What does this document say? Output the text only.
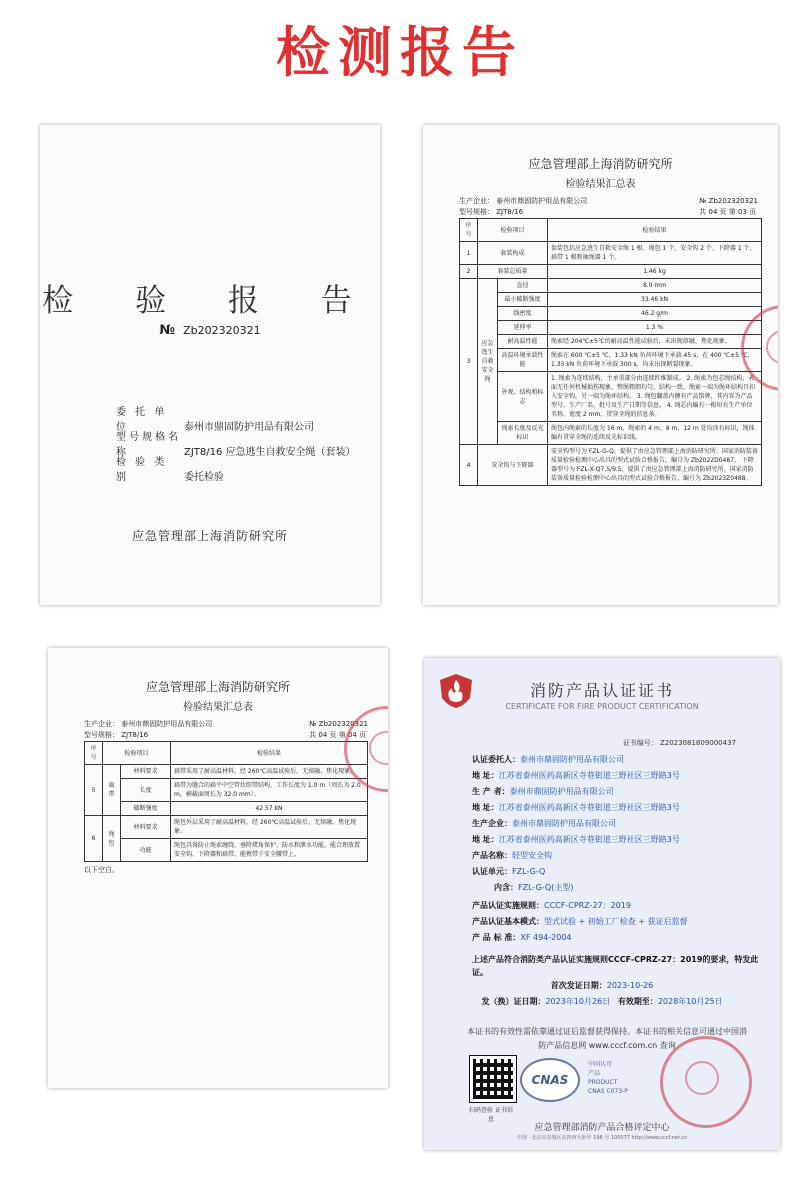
检测报告
检 验 报 告
№ Zb202320321
委 托 单 位	泰州市鼎固防护用品有限公司
型号规格名称	ZJT8/16 应急逃生自救安全绳（套装）
检 验 类 别	委托检验
应急管理部上海消防研究所
应急管理部上海消防研究所
检验结果汇总表
生产企业： 泰州市鼎固防护用品有限公司
型号规格： ZJT8/16
№ Zb202320321
共 04 页 第 03 页
序号	检验项目		检验结果
1	套装构成		套装包括应急逃生自救安全绳 1 根、绳包 1 个、安全钩 2 个、下降器 1 个、扁带 1 根和抽绳器 1 个。
2	套装总质量		1.46 kg
3	应急逃生自救安全绳	直径	8.0 mm
		最小破断强度	33.46 kN
		线密度	46.2 g/m
		延伸率	1.3 %
		耐高温性能	绳索经 204℃±5℃的耐高温性能试验后，未出现熔融、焦化现象。
		高温环境承载性能	绳索在 600 ℃±5 ℃，1.33 kN 负荷环境下承载 45 s，在 400 ℃±5 ℃，1.33 kN 负荷环境下承载 300 s，均未出现断裂现象。
		外观、结构和标志	1. 绳索为连续结构，主承重部分由连续纤维制成。 2. 绳索为包芯绳结构，表面无任何机械损伤现象，整绳粗细均匀，结构一致，绳索一端为绳环结构且扣入安全钩，另一端为绳环结构。 3. 绳包翻盖内侧有产品铭牌，其内容为产品型号、生产厂名、批号及生产日期等信息。 4. 绳芯内编有一根印有生产单位名称、宽度 2 mm、贯穿全绳的信息条。
		绳索长度及反光标识	绳包内绳索的长度为 16 m，绳索的 4 m、8 m、12 m 处均涂有标识，绳体编有贯穿全绳的连续反光标识线。
4	安全钩与下降器		安全钩型号为 FZL-G-Q，提供了由应急管理部上海消防研究所、国家消防装备质量检验检测中心出具的型式试验合格报告，编号为 Zb2022D0487。 下降器型号为 FZL-X-Q7.5/9.5，提供了由应急管理部上海消防研究所、国家消防装备质量检验检测中心出具的型式试验合格报告，编号为 Zb2023Z0488。
应急管理部上海消防研究所
检验结果汇总表
生产企业： 泰州市鼎固防护用品有限公司
型号规格： ZJT8/16
№ Zb202320321
共 04 页 第 04 页
序号	检验项目		检验结果
5	扁带	材料要求	扁带采用了耐高温材料，经 260℃高温试验后，无熔融、焦化现象。
		长度	扁带为缝合的扁平中空管状织带结构，工作长度为 1.0 m（周长为 2.0 m，横截面周长为 32.0 mm）。
		破断强度	42.57 kN
6	绳包	材料要求	绳包外层采用了耐高温材料，经 260℃高温试验后，无熔融、焦化现象。
		功能	绳包具备防止绳索缠绕、垂降堵角保护、防水和泄水功能，能合理放置安全钩、下降器和扁带，能携带于安全腰带上。
以下空白。
消防产品认证证书
CERTIFICATE FOR FIRE PRODUCT CERTIFICATION
证书编号： Z2023081809000437
认证委托人：泰州市鼎固防护用品有限公司
地 址：江苏省泰州医药高新区寺巷街道三野社区三野路3号
生 产 者：泰州市鼎固防护用品有限公司
地 址：江苏省泰州医药高新区寺巷街道三野社区三野路3号
生产企业：泰州市鼎固防护用品有限公司
地 址：江苏省泰州医药高新区寺巷街道三野社区三野路3号
产品名称：轻型安全钩
认证单元：FZL-G-Q
内含：FZL-G-Q(主型)
产品认证实施规则：CCCF-CPRZ-27：2019
产品认证基本模式：型式试验 + 初始工厂检查 + 获证后监督
产 品 标 准：XF 494-2004
上述产品符合消防类产品认证实施规则CCCF-CPRZ-27：2019的要求，特发此证。
首次发证日期：2023-10-26
发（换）证日期：2023年10月26日 有效期至：2028年10月25日
本证书的有效性需依靠通过证后监督获得保持。本证书的相关信息可通过中国消防产品信息网 www.cccf.com.cn 查询
扫码查验 证书信息
CNAS
中国认可
产品
PRODUCT
CNAS C073-P
应急管理部消防产品合格评定中心
中国 · 北京市东城区东四西大街甲 198 号 100077 http://www.cccf.net.cn
